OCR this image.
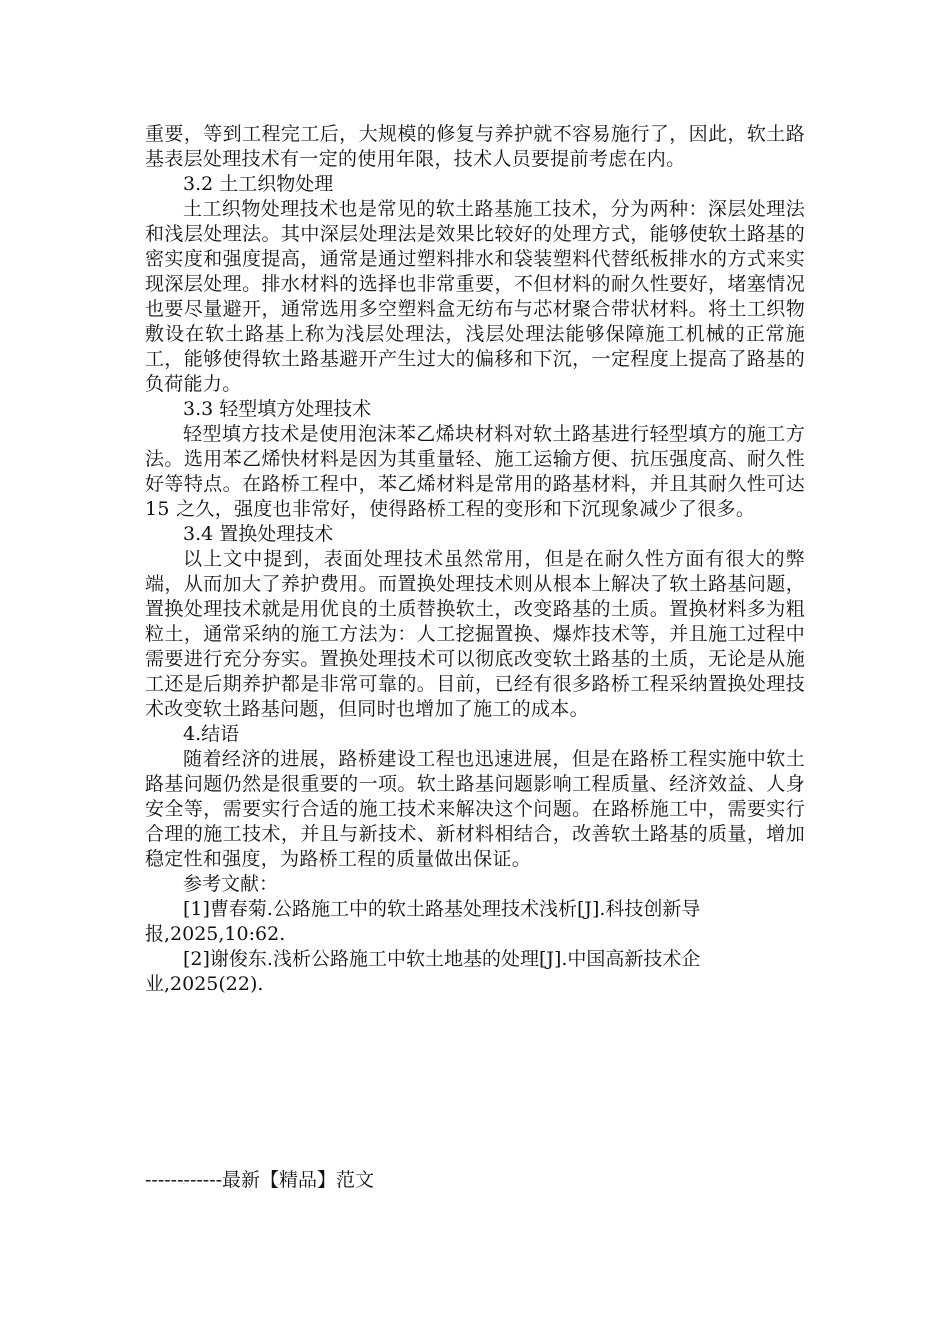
重要，等到工程完工后，大规模的修复与养护就不容易施行了，因此，软土路基表层处理技术有一定的使用年限，技术人员要提前考虑在内。

3.2 土工织物处理

土工织物处理技术也是常见的软土路基施工技术，分为两种：深层处理法和浅层处理法。其中深层处理法是效果比较好的处理方式，能够使软土路基的密实度和强度提高，通常是通过塑料排水和袋装塑料代替纸板排水的方式来实现深层处理。排水材料的选择也非常重要，不但材料的耐久性要好，堵塞情况也要尽量避开，通常选用多空塑料盒无纺布与芯材聚合带状材料。将土工织物敷设在软土路基上称为浅层处理法，浅层处理法能够保障施工机械的正常施工，能够使得软土路基避开产生过大的偏移和下沉，一定程度上提高了路基的负荷能力。

3.3 轻型填方处理技术

轻型填方技术是使用泡沫苯乙烯块材料对软土路基进行轻型填方的施工方法。选用苯乙烯快材料是因为其重量轻、施工运输方便、抗压强度高、耐久性好等特点。在路桥工程中，苯乙烯材料是常用的路基材料，并且其耐久性可达 15 之久，强度也非常好，使得路桥工程的变形和下沉现象减少了很多。

3.4 置换处理技术

以上文中提到，表面处理技术虽然常用，但是在耐久性方面有很大的弊端，从而加大了养护费用。而置换处理技术则从根本上解决了软土路基问题，置换处理技术就是用优良的土质替换软土，改变路基的土质。置换材料多为粗粒土，通常采纳的施工方法为：人工挖掘置换、爆炸技术等，并且施工过程中需要进行充分夯实。置换处理技术可以彻底改变软土路基的土质，无论是从施工还是后期养护都是非常可靠的。目前，已经有很多路桥工程采纳置换处理技术改变软土路基问题，但同时也增加了施工的成本。

4.结语

随着经济的进展，路桥建设工程也迅速进展，但是在路桥工程实施中软土路基问题仍然是很重要的一项。软土路基问题影响工程质量、经济效益、人身安全等，需要实行合适的施工技术来解决这个问题。在路桥施工中，需要实行合理的施工技术，并且与新技术、新材料相结合，改善软土路基的质量，增加稳定性和强度，为路桥工程的质量做出保证。

参考文献：

[1]曹春菊.公路施工中的软土路基处理技术浅析[J].科技创新导报,2025,10:62.

[2]谢俊东.浅析公路施工中软土地基的处理[J].中国高新技术企业,2025(22).

------------最新【精品】范文
